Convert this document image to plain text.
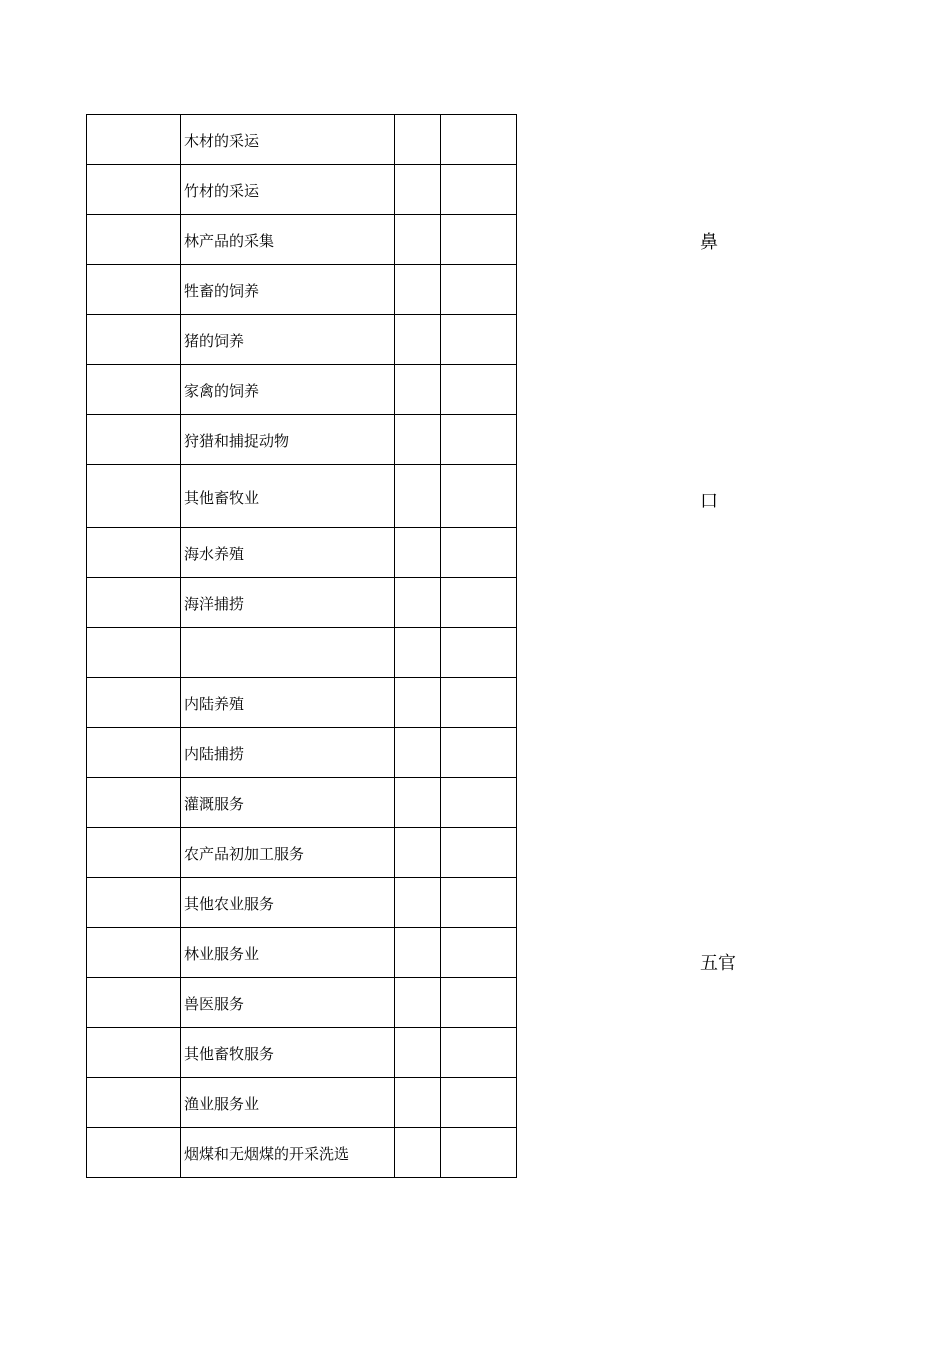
	木材的采运		
	竹材的采运		
	林产品的采集		
	牲畜的饲养		
	猪的饲养		
	家禽的饲养		
	狩猎和捕捉动物		
	其他畜牧业		
	海水养殖		
	海洋捕捞		

	内陆养殖		
	内陆捕捞		
	灌溉服务		
	农产品初加工服务		
	其他农业服务		
	林业服务业		
	兽医服务		
	其他畜牧服务		
	渔业服务业		
	烟煤和无烟煤的开采洗选		
鼻
口
五官
